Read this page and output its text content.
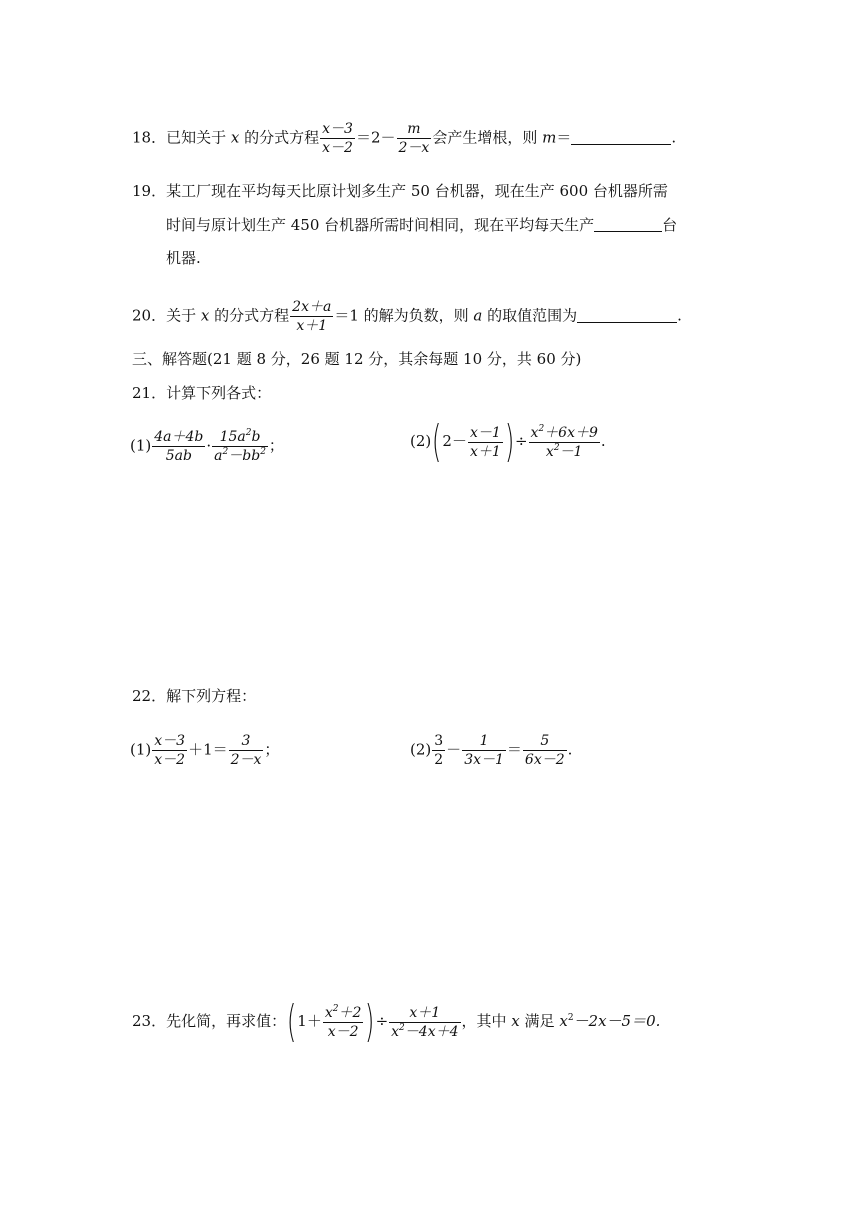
18．已知关于 x 的分式方程 $\frac{x-3}{x-2} =2- \frac{m}{2-x}$ 会产生增根，则 m＝	.
19．某工厂现在平均每天比原计划多生产 50 台机器，现在生产 600 台机器所需
时间与原计划生产 450 台机器所需时间相同，现在平均每天生产	台
机器.
20．关于 x 的分式方程 $\frac{2x+a}{x+1} =1$ 的解为负数，则 a 的取值范围为	.
三、解答题(21 题 8 分，26 题 12 分，其余每题 10 分，共 60 分)
21．计算下列各式：
$(1) \frac{4a+4b}{5ab} \cdot \frac{15a^2b}{a^2-bb^2}$ ；	$(2)(2- \frac{x-1}{x+1}$ )÷ $\frac{x^2+6x+9}{x^2-1}$ .
22．解下列方程：
$(1) \frac{x-3}{x-2} +1= \frac{3}{2-x}$ ；	$(2) \frac{3}{2} - \frac{1}{3x-1} = \frac{5}{6x-2}$ .
23．先化简，再求值：($1+ \frac{x^2+2}{x-2}$ )÷ $\frac{x+1}{x^2-4x+4}$ ，其中 x 满足 $x^2-2x-5=0$.
